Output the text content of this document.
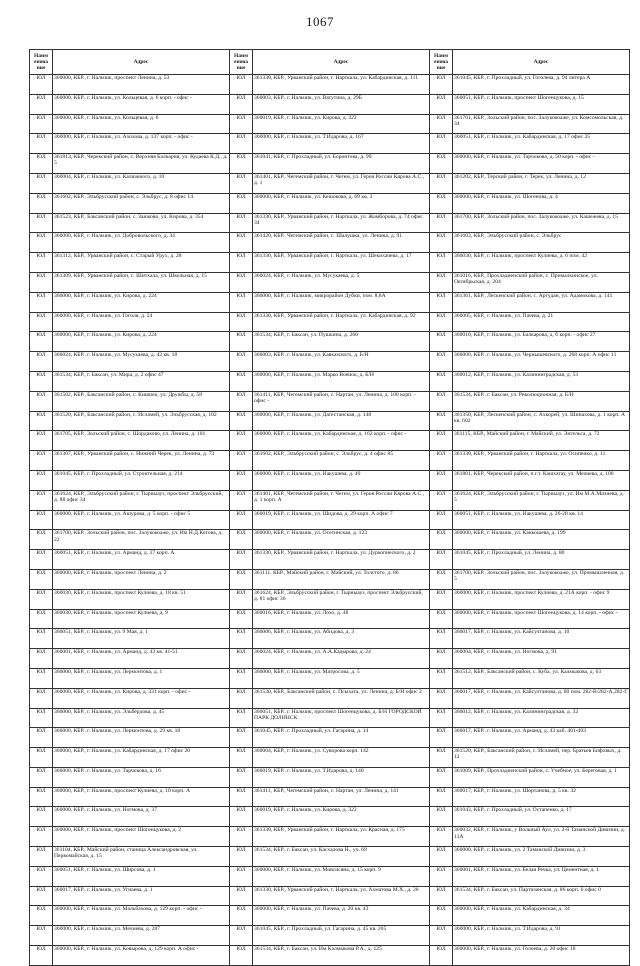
1067
Наим енова ние	Адрес	Наим енова ние	Адрес	Наим енова ние	Адрес
ЮЛ	360000, КБР., г. Нальчик, проспект Ленина, д. 53	ЮЛ	361330, КБР., Урванский район, г. Нарткала, ул. Кабардинская, д. 111	ЮЛ	361045, КБР., г. Прохладный, ул. Гоголева, д. 94 литера А
ЮЛ	360000, КБР., г. Нальчик, ул. Кольцевая, д. 6 корп. - офис -	ЮЛ	360003, КБР., г. Нальчик, ул. Ватутина, д. 29Б	ЮЛ	360051, КБР., г. Нальчик, проспект Шогенцукова, д. 15
ЮЛ	360000, КБР., г. Нальчик, ул. Кольцевая, д. 6	ЮЛ	360019, КБР., г. Нальчик, ул. Кирова, д. 322	ЮЛ	361701, КБР., Зольский район, пос. Залукокоаже, ул. Комсомольская, д. 34
ЮЛ	360000, КБР., г. Нальчик, ул. Ахохова, д. 137 корп. - офис -	ЮЛ	360000, КБР., г. Нальчик, ул. Т.Идарова, д. 167	ЮЛ	360051, КБР., г. Нальчик, ул. Кабардинская, д. 17 офис 35
ЮЛ	361813, КБР., Черекский район, с. Верхняя Балкария, ул. Кудаева К.Д., д. 5	ЮЛ	361041, КБР., г. Прохладный, ул. Боронтова, д. 99	ЮЛ	360000, КБР., г. Нальчик, ул. Тарчокова, д. 50 корп. - офис -
ЮЛ	360004, КБР., г. Нальчик, ул. Калюжного, д. 10	ЮЛ	361401, КБР., Чегемский район, г. Чегем, ул. Героя России Кярова А.С., д. 1	ЮЛ	361202, КБР., Терский район, г. Терек, ул. Ленина, д. 12
ЮЛ	361602, КБР., Эльбрусский район, с. Эльбрус, д. 8 офис 14	ЮЛ	360000, КБР., г. Нальчик, ул. Кешокова, д. 69 кв. 3	ЮЛ	360000, КБР., г. Нальчик, ул. Шогенова, д. 4
ЮЛ	361523, КБР., Баксанский район, с. Заюково, ул. Кирова, д. 354	ЮЛ	361330, КБР., Урванский район, г. Нарткала, ул. Жамборова, д. 74 офис 34	ЮЛ	361700, КБР., Зольский район, пос. Залукокоаже, ул. Кашежева, д. 15
ЮЛ	360000, КБР., г. Нальчик, ул. Добровольского, д. 34	ЮЛ	361420, КБР., Чегемский район, с. Шалушка, ул. Ленина, д. 91	ЮЛ	361603, КБР., Эльбрусский район, с. Эльбрус
ЮЛ	361312, КБР., Урванский район, с. Старый Урух, д. 28	ЮЛ	361330, КБР., Урванский район, г. Нарткала, ул. Шекихачева, д. 17	ЮЛ	360030, КБР., г. Нальчик, проспект Кулиева, д. 6 пом. 42
ЮЛ	361309, КБР., Урванский район, с. Шитхала, ул. Школьная, д. 15	ЮЛ	360024, КБР., г. Нальчик, ул. Мусукаева, д. 5	ЮЛ	361016, КБР., Прохладненский район, с. Прималкинское, ул. Октябрьская, д. 204
ЮЛ	360000, КБР., г. Нальчик, ул. Кирова, д. 224	ЮЛ	360000, КБР., г. Нальчик, микрорайон Дубки, пом. 8,8А	ЮЛ	361361, КБР., Лескенский район, с. Аргудан, ул. Адамокова, д. 141
ЮЛ	360000, КБР., г. Нальчик, ул. Гоголя, д. 24	ЮЛ	361330, КБР., Урванский район, г. Нарткала, ул. Кабардинская, д. 92	ЮЛ	360005, КБР., г. Нальчик, ул. Пачева, д. 21
ЮЛ	360000, КБР., г. Нальчик, ул. Кирова, д. 224	ЮЛ	361534, КБР., г. Баксан, ул. Пушкина, д. 266	ЮЛ	360010, КБР., г. Нальчик, ул. Балкарова, д. 6 корп. - офис 27
ЮЛ	360024, КБР., г. Нальчик, ул. Мусукаева, д. 42 кв. 18	ЮЛ	360003, КБР., г. Нальчик, ул. Кавказского, д. Б/Н	ЮЛ	360000, КБР., г. Нальчик, ул. Чернышевского, д. 268 корп. А офис 11
ЮЛ	361534, КБР., г. Баксан, ул. Мира, д. 2 офис 47	ЮЛ	360000, КБР., г. Нальчик, ул. Марко Вовчок, д. Б/Н	ЮЛ	360012, КБР., г. Нальчик, ул. Калининградская, д. 53
ЮЛ	361502, КБР., Баксанский район, с. Кишпек, ул. Дружбы, д. 58	ЮЛ	361411, КБР., Чегемский район, с. Нартан, ул. Ленина, д. 100 корп. - офис -	ЮЛ	361534, КБР., г. Баксан, ул. Революционная, д. Б/Н
ЮЛ	361520, КБР., Баксанский район, с. Исламей, ул. Эльбрусская, д. 102	ЮЛ	360000, КБР., г. Нальчик, ул. Дагестанская, д. 148	ЮЛ	361350, КБР., Лескенский район, с. Ахкорей, ул. Шинахова, д. 1 корп. А кв. 602
ЮЛ	361705, КБР., Зольский район, с. Шордаково, ул. Ленина, д. 101	ЮЛ	360000, КБР., г. Нальчик, ул. Кабардинская, д. 162 корп. - офис -	ЮЛ	361115, КБР., Майский район, г. Майский, ул. Энгельса, д. 72
ЮЛ	361307, КБР., Урванский район, с. Нижний Черек, ул. Ленина, д. 73	ЮЛ	361602, КБР., Эльбрусский район, с. Эльбрус, д. 4 офис 85	ЮЛ	361330, КБР., Урванский район, г. Нарткала, ул. Осипенко, д. 11
ЮЛ	361045, КБР., г. Прохладный, ул. Строительная, д. 214	ЮЛ	360000, КБР., г. Нальчик, ул. Накушева, д. 40	ЮЛ	361801, КБР., Черекский район, п.г.т. Кашхатау, ул. Мечиева, д. 108
ЮЛ	361624, КБР., Эльбрусский район, г. Тырныауз, проспект Эльбрусский, д. 88 офис 34	ЮЛ	361401, КБР., Чегемский район, г. Чегем, ул. Героя России Кярова А.С., д. 1 корп. А	ЮЛ	361624, КБР., Эльбрусский район, г. Тырныауз, ул. Им М.А.Мизиева, д. 5
ЮЛ	360000, КБР., г. Нальчик, ул. Ашурова, д. 5 корп. - офис 5	ЮЛ	360019, КБР., г. Нальчик, ул. Шидова, д. 29 корп. А офис 7	ЮЛ	360051, КБР., г. Нальчик, ул. Накушева, д. 26-28 кв. 14
ЮЛ	361700, КБР., Зольский район, пос. Залукокоаже, ул. Им Н.Д.Котова, д. 22	ЮЛ	360000, КБР., г. Нальчик, ул. Осетинская, д. 123	ЮЛ	360000, КБР., г. Нальчик, ул. Канкошева, д. 199
ЮЛ	360051, КБР., г. Нальчик, ул. Арманд, д. 37 корп. А	ЮЛ	361330, КБР., Урванский район, г. Нарткала, ул. Дуркопнеского, д. 2	ЮЛ	361045, КБР., г. Прохладный, ул. Ленина, д. 80
ЮЛ	360000, КБР., г. Нальчик, проспект Ленина, д. 2	ЮЛ	361111, КБР., Майский район, г. Майский, ул. Толстого, д. 86	ЮЛ	361700, КБР., Зольский район, пос. Залукокоаже, ул. Промышленная, д. 5
ЮЛ	360030, КБР., г. Нальчик, проспект Кулиева, д. 18 кв. 51	ЮЛ	361624, КБР., Эльбрусский район, г. Тырныауз, проспект Эльбрусский, д. 81 офис 36	ЮЛ	360000, КБР., г. Нальчик, проспект Кулиева, д. 21А корп. - офис 9
ЮЛ	360030, КБР., г. Нальчик, проспект Кулиева, д. 9	ЮЛ	360016, КБР., г. Нальчик, ул. Лохо, д. 48	ЮЛ	360000, КБР., г. Нальчик, проспект Шогенцукова, д. 14 корп. - офис -
ЮЛ	360051, КБР., г. Нальчик, ул. 9 Мая, д. 1	ЮЛ	360006, КБР., г. Нальчик, ул. Абидова, д. 3	ЮЛ	360017, КБР., г. Нальчик, ул. Кайсултанова, д. 10
ЮЛ	360001, КБР., г. Нальчик, ул. Арманд, д. 43 кв. 41-51	ЮЛ	360024, КБР., г. Нальчик, ул. А.А.Кадырова, д. 24	ЮЛ	360004, КБР., г. Нальчик, ул. Ногмова, д. 91
ЮЛ	360000, КБР., г. Нальчик, ул. Лермонтова, д. 1	ЮЛ	360000, КБР., г. Нальчик, ул. Матросова, д. 5	ЮЛ	361512, КБР., Баксанский район, с. Куба, ул. Калмыкова, д. 63
ЮЛ	360000, КБР., г. Нальчик, ул. Кирова, д. 331 корп. - офис -	ЮЛ	361530, КБР., Баксанский район, с. Псыхага, ул. Ленина, д. Б/Н офис 2	ЮЛ	360017, КБР., г. Нальчик, ул. Кайсултанова, д. 80 пом. 282-В/282-А,282-Г
ЮЛ	360000, КБР., г. Нальчик, ул. Эльбердова, д. 45	ЮЛ	360051, КБР., г. Нальчик, проспект Шогенцукова, д. Б/Н ГОРОДСКОЙ ПАРК ДОЛИНСК	ЮЛ	360012, КБР., г. Нальчик, ул. Калининградская, д. 32
ЮЛ	360000, КБР., г. Нальчик, ул. Лермонтова, д. 29 кв. 18	ЮЛ	361045, КБР., г. Прохладный, ул. Гагарина, д. 14	ЮЛ	360017, КБР., г. Нальчик, ул. Арманд, д. 43 каб. 401-403
ЮЛ	360000, КБР., г. Нальчик, ул. Кабардинская, д. 17 офис 20	ЮЛ	360004, КБР., г. Нальчик, ул. Суворова корп. 142	ЮЛ	361520, КБР., Баксанский район, с. Исламей, пер. Братьев Бифовых, д. 12
ЮЛ	360000, КБР., г. Нальчик, ул. Тарчокова, д. 16	ЮЛ	360019, КБР., г. Нальчик, ул. Т.Идарова, д. 140	ЮЛ	361009, КБР., Прохладненский район, с. Учебное, ул. Береговая, д. 1
ЮЛ	360000, КБР., г. Нальчик, проспект Кулиева, д. 10 корп. А	ЮЛ	361411, КБР., Чегемский район, с. Нартан, ул. Ленина, д. 141	ЮЛ	360017, КБР., г. Нальчик, ул. Шортанова, д. 5 кв. 32
ЮЛ	360000, КБР., г. Нальчик, ул. Ногмова, д. 37	ЮЛ	360019, КБР., г. Нальчик, ул. Кирова, д. 322	ЮЛ	361043, КБР., г. Прохладный, ул. Остапенко, д. 17
ЮЛ	360000, КБР., г. Нальчик, проспект Шогенцукова, д. 2	ЮЛ	361330, КБР., Урванский район, г. Нарткала, ул. Красная, д. 175	ЮЛ	360032, КБР., г. Нальчик, у Вольный Аул, ул. 2-й Таманской Дивизии, д. 11А
ЮЛ	361104, КБР., Майский район, станица Александровская, ул. Первомайская, д. 15	ЮЛ	361534, КБР., г. Баксан, ул. Касхалова Н., уч. 68	ЮЛ	360000, КБР., г. Нальчик, ул. 2 Таманской Дивизии, д. 3
ЮЛ	360051, КБР., г. Нальчик, ул. Ширсова, д. 1	ЮЛ	360000, КБР., г. Нальчик, ул. Мовсисяна, д. 15 корп. 9	ЮЛ	360001, КБР., г. Нальчик, ул. Белая Речка, ул. Цементная, д. 1
ЮЛ	360017, КБР., г. Нальчик, ул. Угнаева, д. 1	ЮЛ	361330, КБР., Урванский район, г. Нарткала, ул. Ахматова М.Х., д. 20	ЮЛ	361534, КБР., г. Баксан, ул. Партизанская, д. 86 корп. 6 офис 0
ЮЛ	360000, КБР., г. Нальчик, ул. Мальбахова, д. 129 корп. - офис -	ЮЛ	360000, КБР., г. Нальчик, ул. Пачева, д. 20 кв. 43	ЮЛ	360000, КБР., г. Нальчик, ул. Кабардинская, д. 34
ЮЛ	360000, КБР., г. Нальчик, ул. Мечиева, д. 287	ЮЛ	361045, КБР., г. Прохладный, ул. Гагарина, д. 45 кв. 205	ЮЛ	360000, КБР., г. Нальчик, ул. Т.Идарова, д. 91
ЮЛ	360000, КБР., г. Нальчик, ул. Ковырова, д. 129 корп. А офис -	ЮЛ	361534, КБР., г. Баксан, ул. Им Калмыкова Р.А., д. 125	ЮЛ	360000, КБР., г. Нальчик, ул. Голоева, д. 20 офис 18
